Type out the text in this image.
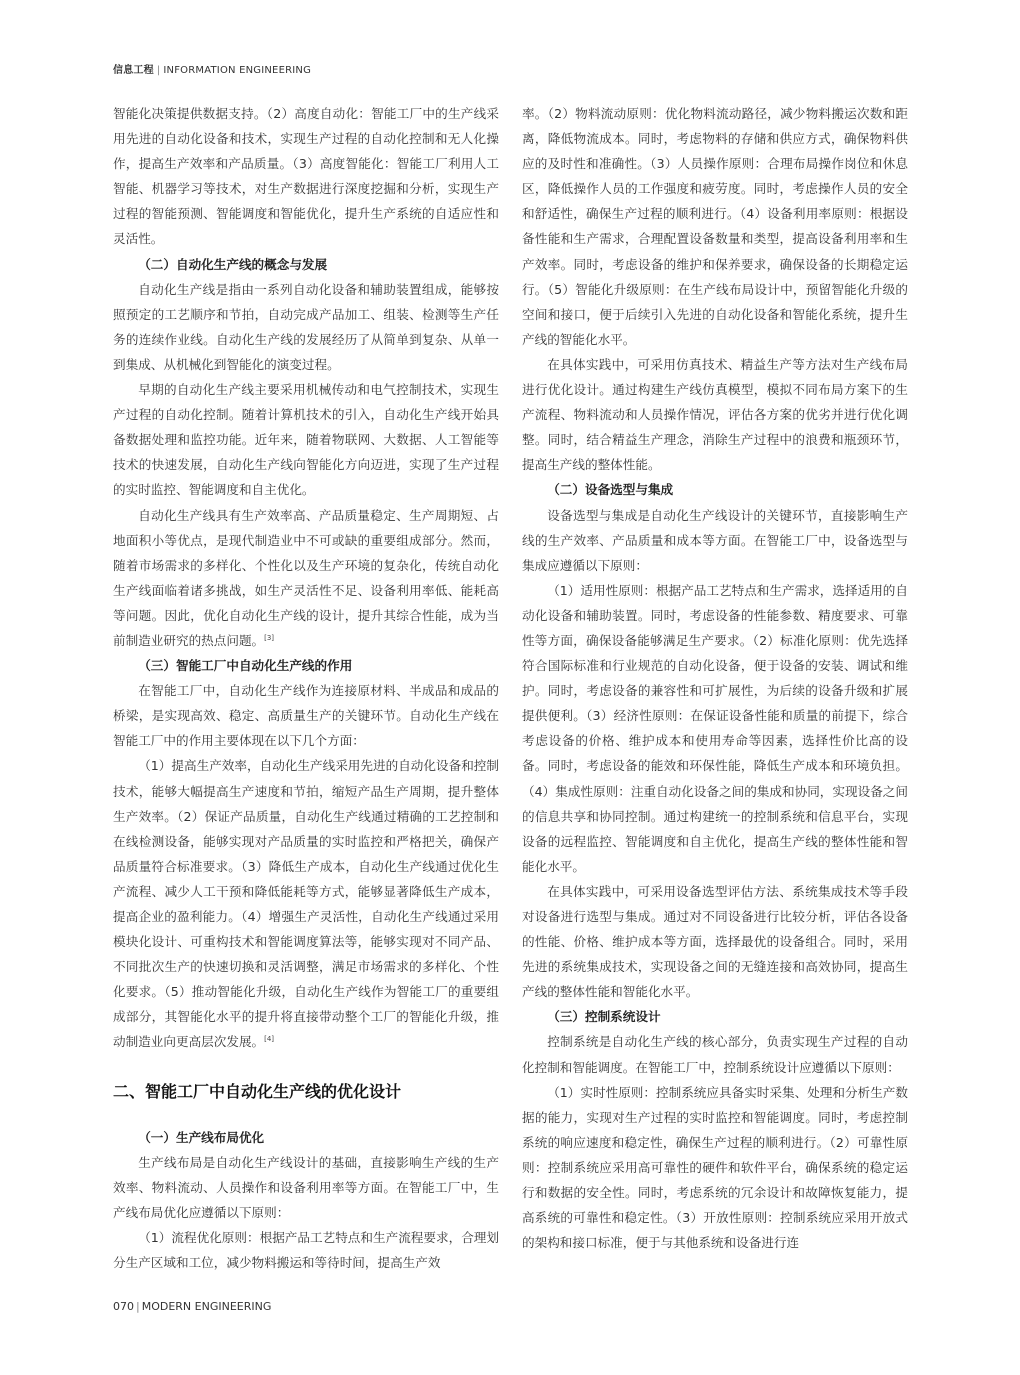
信息工程 | INFORMATION ENGINEERING

智能化决策提供数据支持。（2）高度自动化：智能工厂中的生产线采用先进的自动化设备和技术，实现生产过程的自动化控制和无人化操作，提高生产效率和产品质量。（3）高度智能化：智能工厂利用人工智能、机器学习等技术，对生产数据进行深度挖掘和分析，实现生产过程的智能预测、智能调度和智能优化，提升生产系统的自适应性和灵活性。

（二）自动化生产线的概念与发展

自动化生产线是指由一系列自动化设备和辅助装置组成，能够按照预定的工艺顺序和节拍，自动完成产品加工、组装、检测等生产任务的连续作业线。自动化生产线的发展经历了从简单到复杂、从单一到集成、从机械化到智能化的演变过程。

早期的自动化生产线主要采用机械传动和电气控制技术，实现生产过程的自动化控制。随着计算机技术的引入，自动化生产线开始具备数据处理和监控功能。近年来，随着物联网、大数据、人工智能等技术的快速发展，自动化生产线向智能化方向迈进，实现了生产过程的实时监控、智能调度和自主优化。

自动化生产线具有生产效率高、产品质量稳定、生产周期短、占地面积小等优点，是现代制造业中不可或缺的重要组成部分。然而，随着市场需求的多样化、个性化以及生产环境的复杂化，传统自动化生产线面临着诸多挑战，如生产灵活性不足、设备利用率低、能耗高等问题。因此，优化自动化生产线的设计，提升其综合性能，成为当前制造业研究的热点问题。[3]

（三）智能工厂中自动化生产线的作用

在智能工厂中，自动化生产线作为连接原材料、半成品和成品的桥梁，是实现高效、稳定、高质量生产的关键环节。自动化生产线在智能工厂中的作用主要体现在以下几个方面：

（1）提高生产效率，自动化生产线采用先进的自动化设备和控制技术，能够大幅提高生产速度和节拍，缩短产品生产周期，提升整体生产效率。（2）保证产品质量，自动化生产线通过精确的工艺控制和在线检测设备，能够实现对产品质量的实时监控和严格把关，确保产品质量符合标准要求。（3）降低生产成本，自动化生产线通过优化生产流程、减少人工干预和降低能耗等方式，能够显著降低生产成本，提高企业的盈利能力。（4）增强生产灵活性，自动化生产线通过采用模块化设计、可重构技术和智能调度算法等，能够实现对不同产品、不同批次生产的快速切换和灵活调整，满足市场需求的多样化、个性化要求。（5）推动智能化升级，自动化生产线作为智能工厂的重要组成部分，其智能化水平的提升将直接带动整个工厂的智能化升级，推动制造业向更高层次发展。[4]

二、智能工厂中自动化生产线的优化设计
（一）生产线布局优化

生产线布局是自动化生产线设计的基础，直接影响生产线的生产效率、物料流动、人员操作和设备利用率等方面。在智能工厂中，生产线布局优化应遵循以下原则：

（1）流程优化原则：根据产品工艺特点和生产流程要求，合理划分生产区域和工位，减少物料搬运和等待时间，提高生产效

率。（2）物料流动原则：优化物料流动路径，减少物料搬运次数和距离，降低物流成本。同时，考虑物料的存储和供应方式，确保物料供应的及时性和准确性。（3）人员操作原则：合理布局操作岗位和休息区，降低操作人员的工作强度和疲劳度。同时，考虑操作人员的安全和舒适性，确保生产过程的顺利进行。（4）设备利用率原则：根据设备性能和生产需求，合理配置设备数量和类型，提高设备利用率和生产效率。同时，考虑设备的维护和保养要求，确保设备的长期稳定运行。（5）智能化升级原则：在生产线布局设计中，预留智能化升级的空间和接口，便于后续引入先进的自动化设备和智能化系统，提升生产线的智能化水平。

在具体实践中，可采用仿真技术、精益生产等方法对生产线布局进行优化设计。通过构建生产线仿真模型，模拟不同布局方案下的生产流程、物料流动和人员操作情况，评估各方案的优劣并进行优化调整。同时，结合精益生产理念，消除生产过程中的浪费和瓶颈环节，提高生产线的整体性能。

（二）设备选型与集成

设备选型与集成是自动化生产线设计的关键环节，直接影响生产线的生产效率、产品质量和成本等方面。在智能工厂中，设备选型与集成应遵循以下原则：

（1）适用性原则：根据产品工艺特点和生产需求，选择适用的自动化设备和辅助装置。同时，考虑设备的性能参数、精度要求、可靠性等方面，确保设备能够满足生产要求。（2）标准化原则：优先选择符合国际标准和行业规范的自动化设备，便于设备的安装、调试和维护。同时，考虑设备的兼容性和可扩展性，为后续的设备升级和扩展提供便利。（3）经济性原则：在保证设备性能和质量的前提下，综合考虑设备的价格、维护成本和使用寿命等因素，选择性价比高的设备。同时，考虑设备的能效和环保性能，降低生产成本和环境负担。（4）集成性原则：注重自动化设备之间的集成和协同，实现设备之间的信息共享和协同控制。通过构建统一的控制系统和信息平台，实现设备的远程监控、智能调度和自主优化，提高生产线的整体性能和智能化水平。

在具体实践中，可采用设备选型评估方法、系统集成技术等手段对设备进行选型与集成。通过对不同设备进行比较分析，评估各设备的性能、价格、维护成本等方面，选择最优的设备组合。同时，采用先进的系统集成技术，实现设备之间的无缝连接和高效协同，提高生产线的整体性能和智能化水平。

（三）控制系统设计

控制系统是自动化生产线的核心部分，负责实现生产过程的自动化控制和智能调度。在智能工厂中，控制系统设计应遵循以下原则：

（1）实时性原则：控制系统应具备实时采集、处理和分析生产数据的能力，实现对生产过程的实时监控和智能调度。同时，考虑控制系统的响应速度和稳定性，确保生产过程的顺利进行。（2）可靠性原则：控制系统应采用高可靠性的硬件和软件平台，确保系统的稳定运行和数据的安全性。同时，考虑系统的冗余设计和故障恢复能力，提高系统的可靠性和稳定性。（3）开放性原则：控制系统应采用开放式的架构和接口标准，便于与其他系统和设备进行连

070 | MODERN ENGINEERING
